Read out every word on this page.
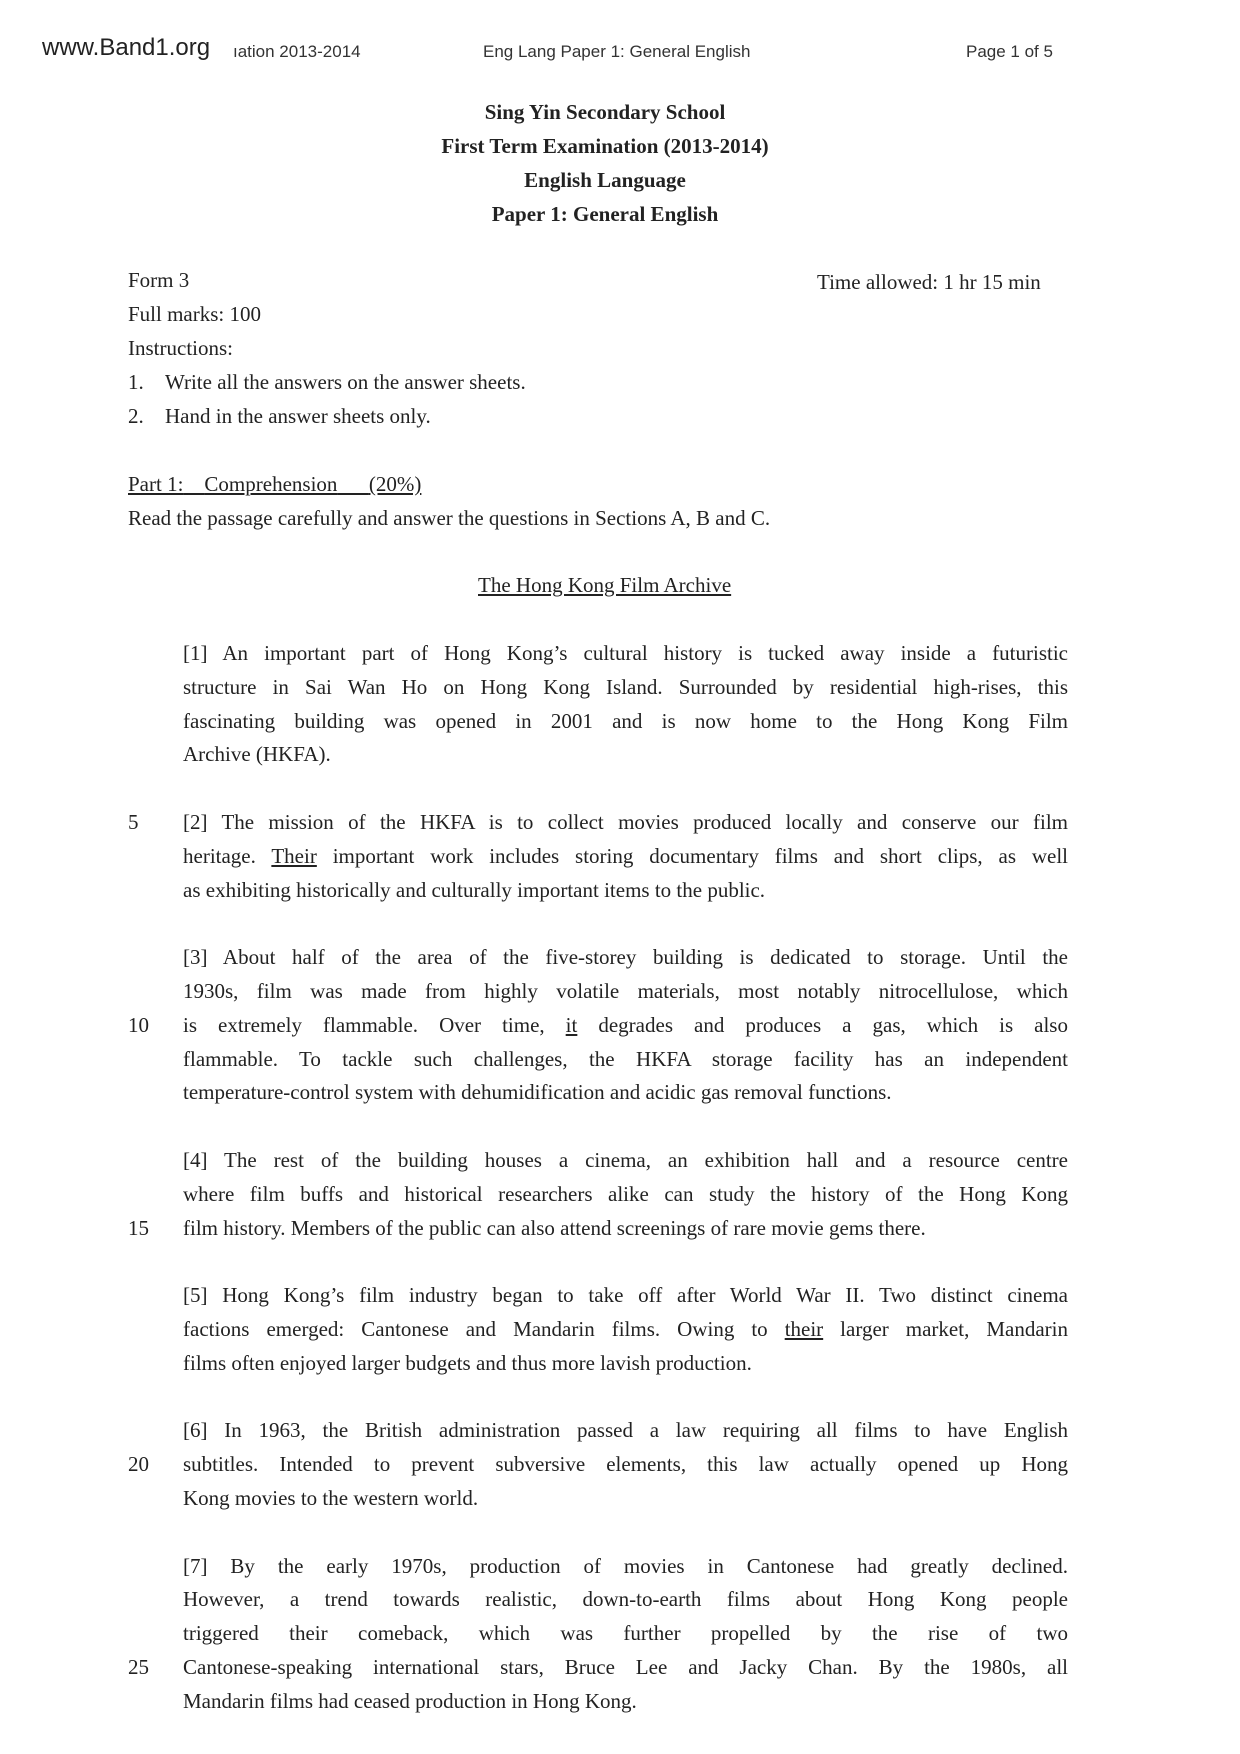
www.Band1.org ıation 2013-2014	Eng Lang Paper 1: General English	Page 1 of 5
Sing Yin Secondary School
First Term Examination (2013-2014)
English Language
Paper 1: General English
Form 3	Time allowed: 1 hr 15 min
Full marks: 100
Instructions:
1. Write all the answers on the answer sheets.
2. Hand in the answer sheets only.
Part 1: Comprehension (20%)
Read the passage carefully and answer the questions in Sections A, B and C.
The Hong Kong Film Archive
[1] An important part of Hong Kong’s cultural history is tucked away inside a futuristic
structure in Sai Wan Ho on Hong Kong Island. Surrounded by residential high-rises, this
fascinating building was opened in 2001 and is now home to the Hong Kong Film
Archive (HKFA).
5 [2] The mission of the HKFA is to collect movies produced locally and conserve our film
heritage. Their important work includes storing documentary films and short clips, as well
as exhibiting historically and culturally important items to the public.
[3] About half of the area of the five-storey building is dedicated to storage. Until the
1930s, film was made from highly volatile materials, most notably nitrocellulose, which
10 is extremely flammable. Over time, it degrades and produces a gas, which is also
flammable. To tackle such challenges, the HKFA storage facility has an independent
temperature-control system with dehumidification and acidic gas removal functions.
[4] The rest of the building houses a cinema, an exhibition hall and a resource centre
where film buffs and historical researchers alike can study the history of the Hong Kong
15 film history. Members of the public can also attend screenings of rare movie gems there.
[5] Hong Kong’s film industry began to take off after World War II. Two distinct cinema
factions emerged: Cantonese and Mandarin films. Owing to their larger market, Mandarin
films often enjoyed larger budgets and thus more lavish production.
[6] In 1963, the British administration passed a law requiring all films to have English
20 subtitles. Intended to prevent subversive elements, this law actually opened up Hong
Kong movies to the western world.
[7] By the early 1970s, production of movies in Cantonese had greatly declined.
However, a trend towards realistic, down-to-earth films about Hong Kong people
triggered their comeback, which was further propelled by the rise of two
25 Cantonese-speaking international stars, Bruce Lee and Jacky Chan. By the 1980s, all
Mandarin films had ceased production in Hong Kong.
